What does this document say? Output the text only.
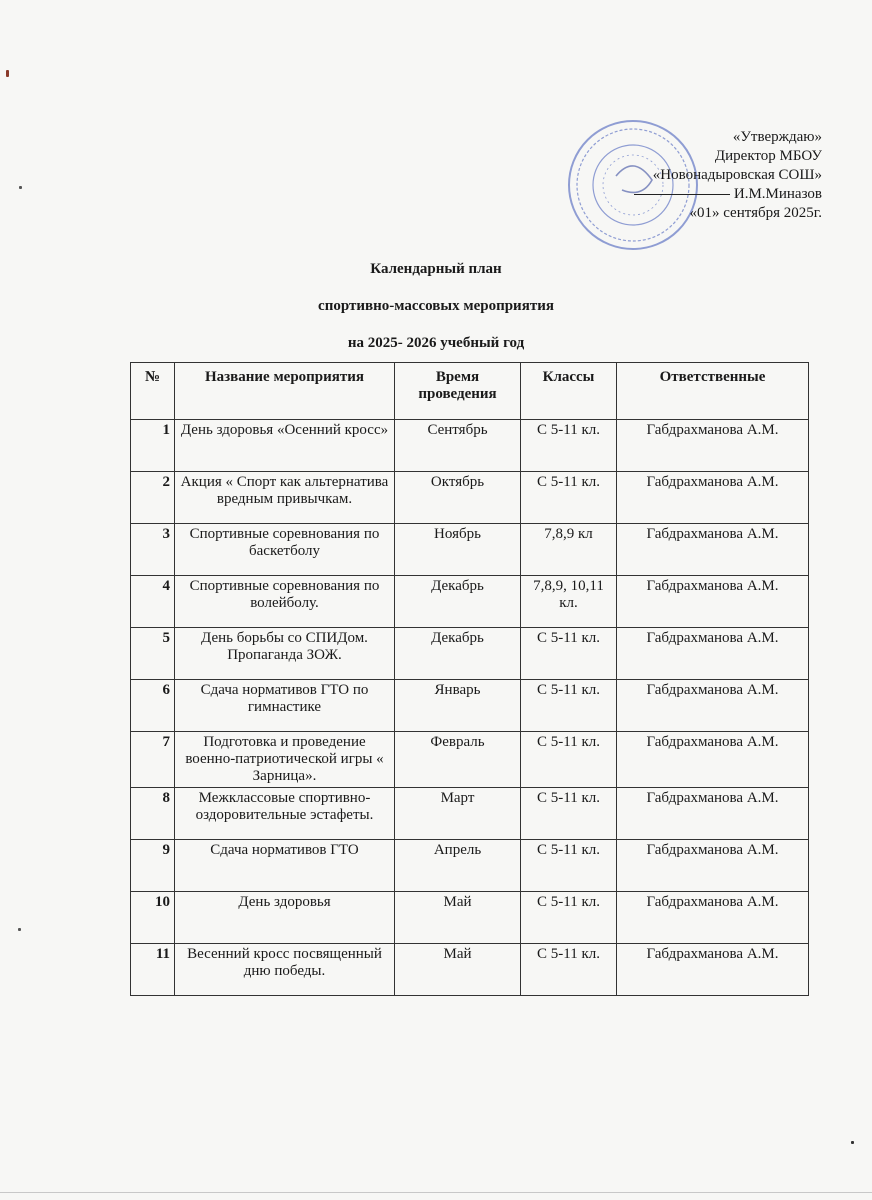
«Утверждаю»
Директор МБОУ
«Новонадыровская СОШ»
И.М.Миназов
«01» сентября 2025г.
Календарный план
спортивно-массовых мероприятия
на 2025- 2026 учебный год
№	Название мероприятия	Время проведения	Классы	Ответственные
1	День здоровья «Осенний кросс»	Сентябрь	С 5-11 кл.	Габдрахманова А.М.
2	Акция « Спорт как альтернатива вредным привычкам.	Октябрь	С 5-11 кл.	Габдрахманова А.М.
3	Спортивные соревнования по баскетболу	Ноябрь	7,8,9 кл	Габдрахманова А.М.
4	Спортивные соревнования по волейболу.	Декабрь	7,8,9, 10,11 кл.	Габдрахманова А.М.
5	День борьбы со СПИДом. Пропаганда ЗОЖ.	Декабрь	С 5-11 кл.	Габдрахманова А.М.
6	Сдача нормативов ГТО по гимнастике	Январь	С 5-11 кл.	Габдрахманова А.М.
7	Подготовка и проведение военно-патриотической игры « Зарница».	Февраль	С 5-11 кл.	Габдрахманова А.М.
8	Межклассовые спортивно-оздоровительные эстафеты.	Март	С 5-11 кл.	Габдрахманова А.М.
9	Сдача нормативов ГТО	Апрель	С 5-11 кл.	Габдрахманова А.М.
10	День здоровья	Май	С 5-11 кл.	Габдрахманова А.М.
11	Весенний кросс посвященный дню победы.	Май	С 5-11 кл.	Габдрахманова А.М.
